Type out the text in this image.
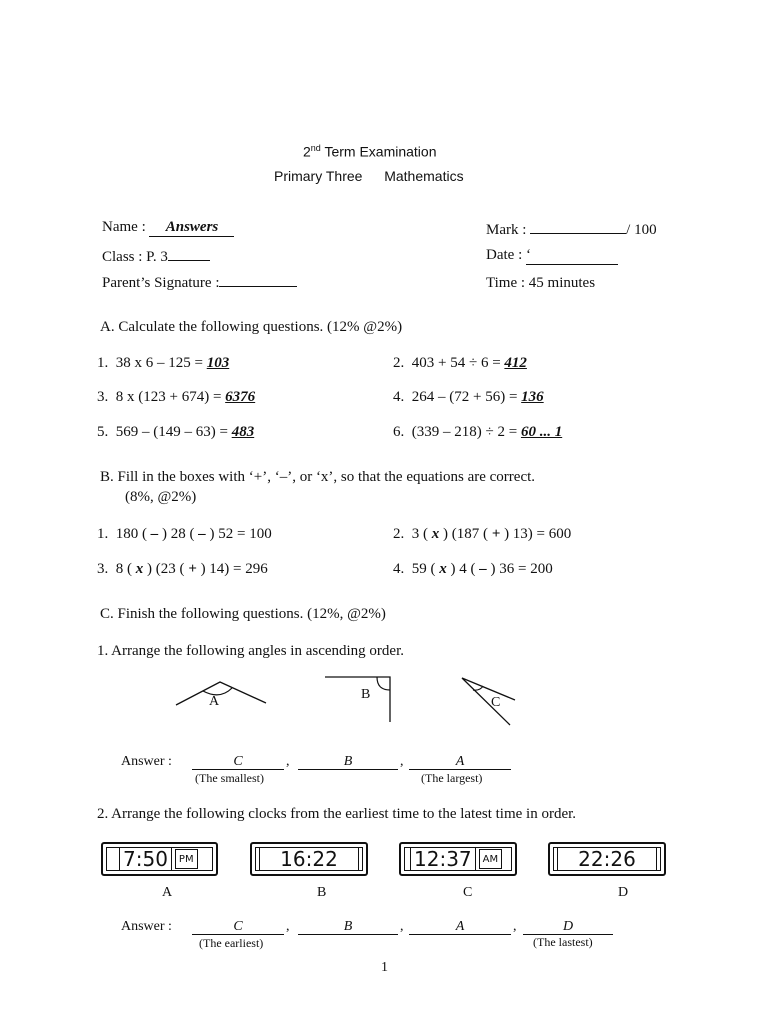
2nd Term Examination
Primary Three Mathematics
Name : Answers
Class : P. 3
Parent’s Signature :
Mark :	/ 100
Date : ‘
Time : 45 minutes
A. Calculate the following questions. (12% @2%)
1. 38 x 6 – 125 = 103	2. 403 + 54 ÷ 6 = 412
3. 8 x (123 + 674) = 6376	4. 264 – (72 + 56) = 136
5. 569 – (149 – 63) = 483	6. (339 – 218) ÷ 2 = 60 ... 1
B. Fill in the boxes with ‘+’, ‘–’, or ‘x’, so that the equations are correct.
(8%, @2%)
1. 180 ( – ) 28 ( – ) 52 = 100	2. 3 ( x ) (187 ( + ) 13) = 600
3. 8 ( x ) (23 ( + ) 14) = 296	4. 59 ( x ) 4 ( – ) 36 = 200
C. Finish the following questions. (12%, @2%)
1. Arrange the following angles in ascending order.
A	B
C
Answer :	C	,	B	,	A
(The smallest)	(The largest)
2. Arrange the following clocks from the earliest time to the latest time in order.
7:50	PM	16:22	12:37	AM	22:26
A	B	C	D
Answer :	C	,	B	,	A	,	D
(The earliest)	(The lastest)
1
